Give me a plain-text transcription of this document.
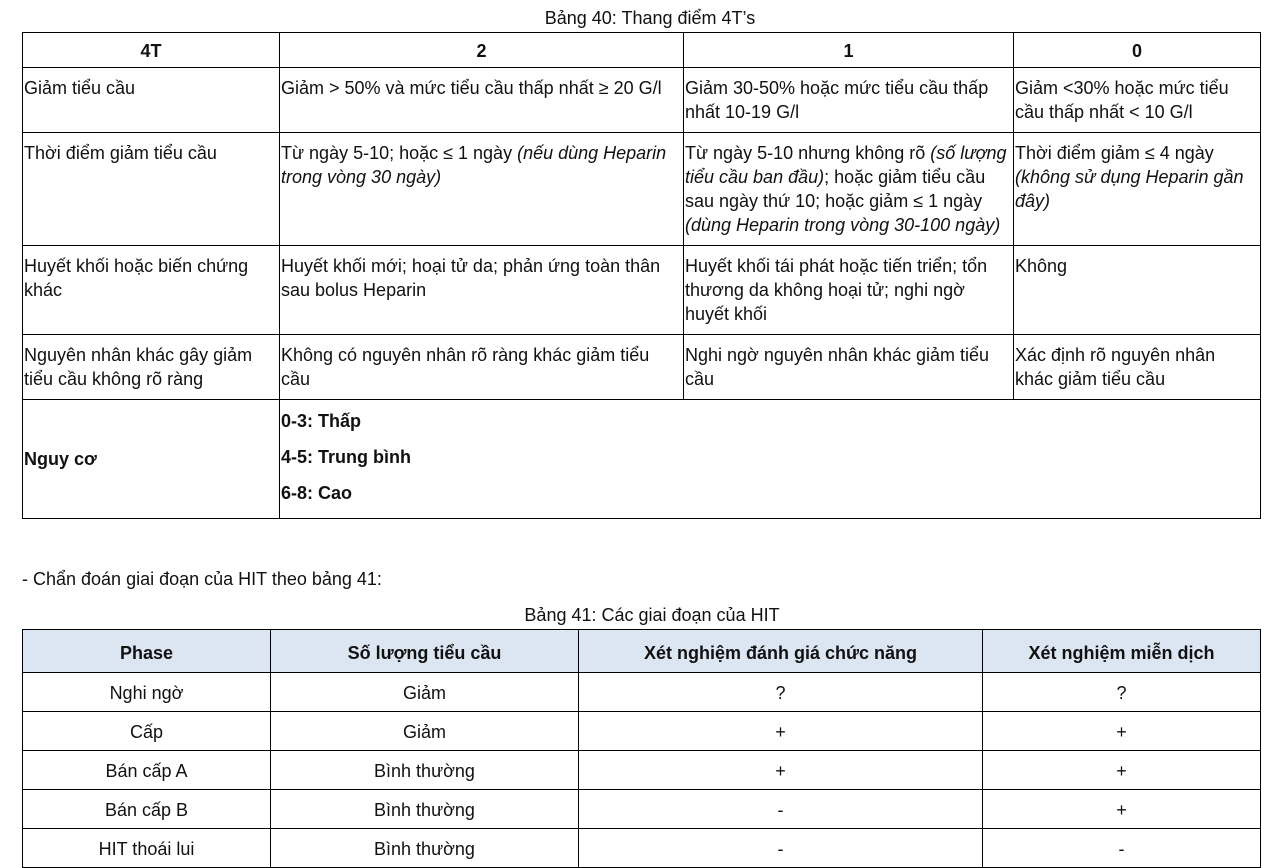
Bảng 40: Thang điểm 4T’s
4T	2	1	0
Giảm tiểu cầu	Giảm > 50% và mức tiểu cầu thấp nhất ≥ 20 G/l	Giảm 30-50% hoặc mức tiểu cầu thấp nhất 10-19 G/l	Giảm <30% hoặc mức tiểu cầu thấp nhất < 10 G/l
Thời điểm giảm tiểu cầu	Từ ngày 5-10; hoặc ≤ 1 ngày (nếu dùng Heparin trong vòng 30 ngày)	Từ ngày 5-10 nhưng không rõ (số lượng tiểu cầu ban đầu); hoặc giảm tiểu cầu sau ngày thứ 10; hoặc giảm ≤ 1 ngày (dùng Heparin trong vòng 30-100 ngày)	Thời điểm giảm ≤ 4 ngày (không sử dụng Heparin gần đây)
Huyết khối hoặc biến chứng khác	Huyết khối mới; hoại tử da; phản ứng toàn thân sau bolus Heparin	Huyết khối tái phát hoặc tiến triển; tổn thương da không hoại tử; nghi ngờ huyết khối	Không
Nguyên nhân khác gây giảm tiểu cầu không rõ ràng	Không có nguyên nhân rõ ràng khác giảm tiểu cầu	Nghi ngờ nguyên nhân khác giảm tiểu cầu	Xác định rõ nguyên nhân khác giảm tiểu cầu
Nguy cơ	0-3: Thấp
4-5: Trung bình
6-8: Cao		
- Chẩn đoán giai đoạn của HIT theo bảng 41:
Bảng 41: Các giai đoạn của HIT
Phase	Số lượng tiểu cầu	Xét nghiệm đánh giá chức năng	Xét nghiệm miễn dịch
Nghi ngờ	Giảm	?	?
Cấp	Giảm	+	+
Bán cấp A	Bình thường	+	+
Bán cấp B	Bình thường	-	+
HIT thoái lui	Bình thường	-	-
